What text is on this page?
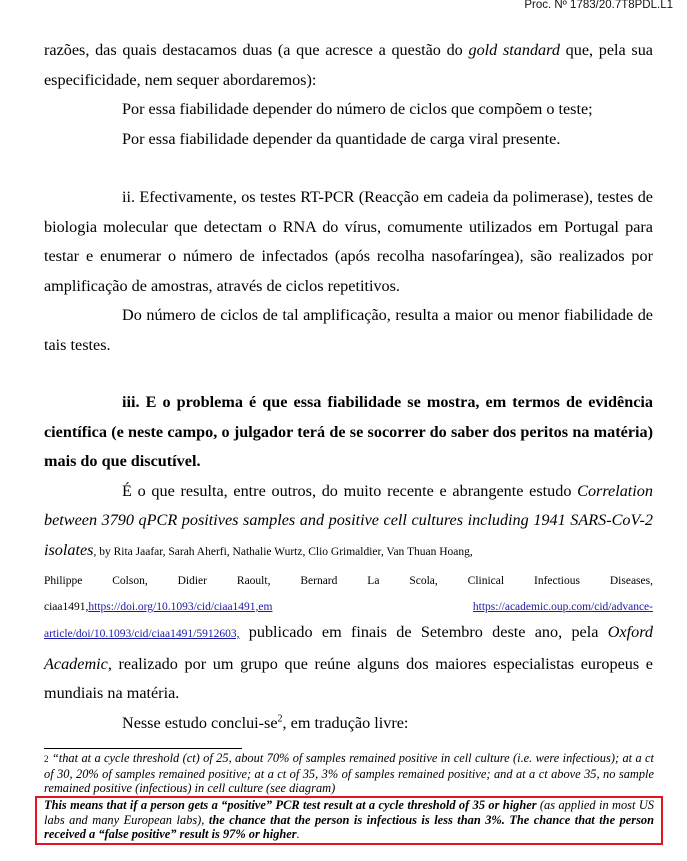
Proc. Nº 1783/20.7T8PDL.L1

razões, das quais destacamos duas (a que acresce a questão do gold standard que, pela sua especificidade, nem sequer abordaremos):

Por essa fiabilidade depender do número de ciclos que compõem o teste;

Por essa fiabilidade depender da quantidade de carga viral presente.

ii. Efectivamente, os testes RT-PCR (Reacção em cadeia da polimerase), testes de biologia molecular que detectam o RNA do vírus, comumente utilizados em Portugal para testar e enumerar o número de infectados (após recolha nasofaríngea), são realizados por amplificação de amostras, através de ciclos repetitivos.

Do número de ciclos de tal amplificação, resulta a maior ou menor fiabilidade de tais testes.

iii. E o problema é que essa fiabilidade se mostra, em termos de evidência científica (e neste campo, o julgador terá de se socorrer do saber dos peritos na matéria) mais do que discutível.

É o que resulta, entre outros, do muito recente e abrangente estudo Correlation between 3790 qPCR positives samples and positive cell cultures including 1941 SARS-CoV-2 isolates, by Rita Jaafar, Sarah Aherfi, Nathalie Wurtz, Clio Grimaldier, Van Thuan Hoang,

Philippe Colson, Didier Raoult, Bernard La Scola, Clinical Infectious Diseases,

ciaa1491,https://doi.org/10.1093/cid/ciaa1491,em	https://academic.oup.com/cid/advance-

article/doi/10.1093/cid/ciaa1491/5912603, publicado em finais de Setembro deste ano, pela Oxford Academic, realizado por um grupo que reúne alguns dos maiores especialistas europeus e mundiais na matéria.

Nesse estudo conclui-$se^2$, em tradução livre:

2 “that at a cycle threshold (ct) of 25, about 70% of samples remained positive in cell culture (i.e. were infectious); at a ct of 30, 20% of samples remained positive; at a ct of 35, 3% of samples remained positive; and at a ct above 35, no sample remained positive (infectious) in cell culture (see diagram)
This means that if a person gets a “positive” PCR test result at a cycle threshold of 35 or higher (as applied in most US labs and many European labs), the chance that the person is infectious is less than 3%. The chance that the person received a “false positive” result is 97% or higher.
